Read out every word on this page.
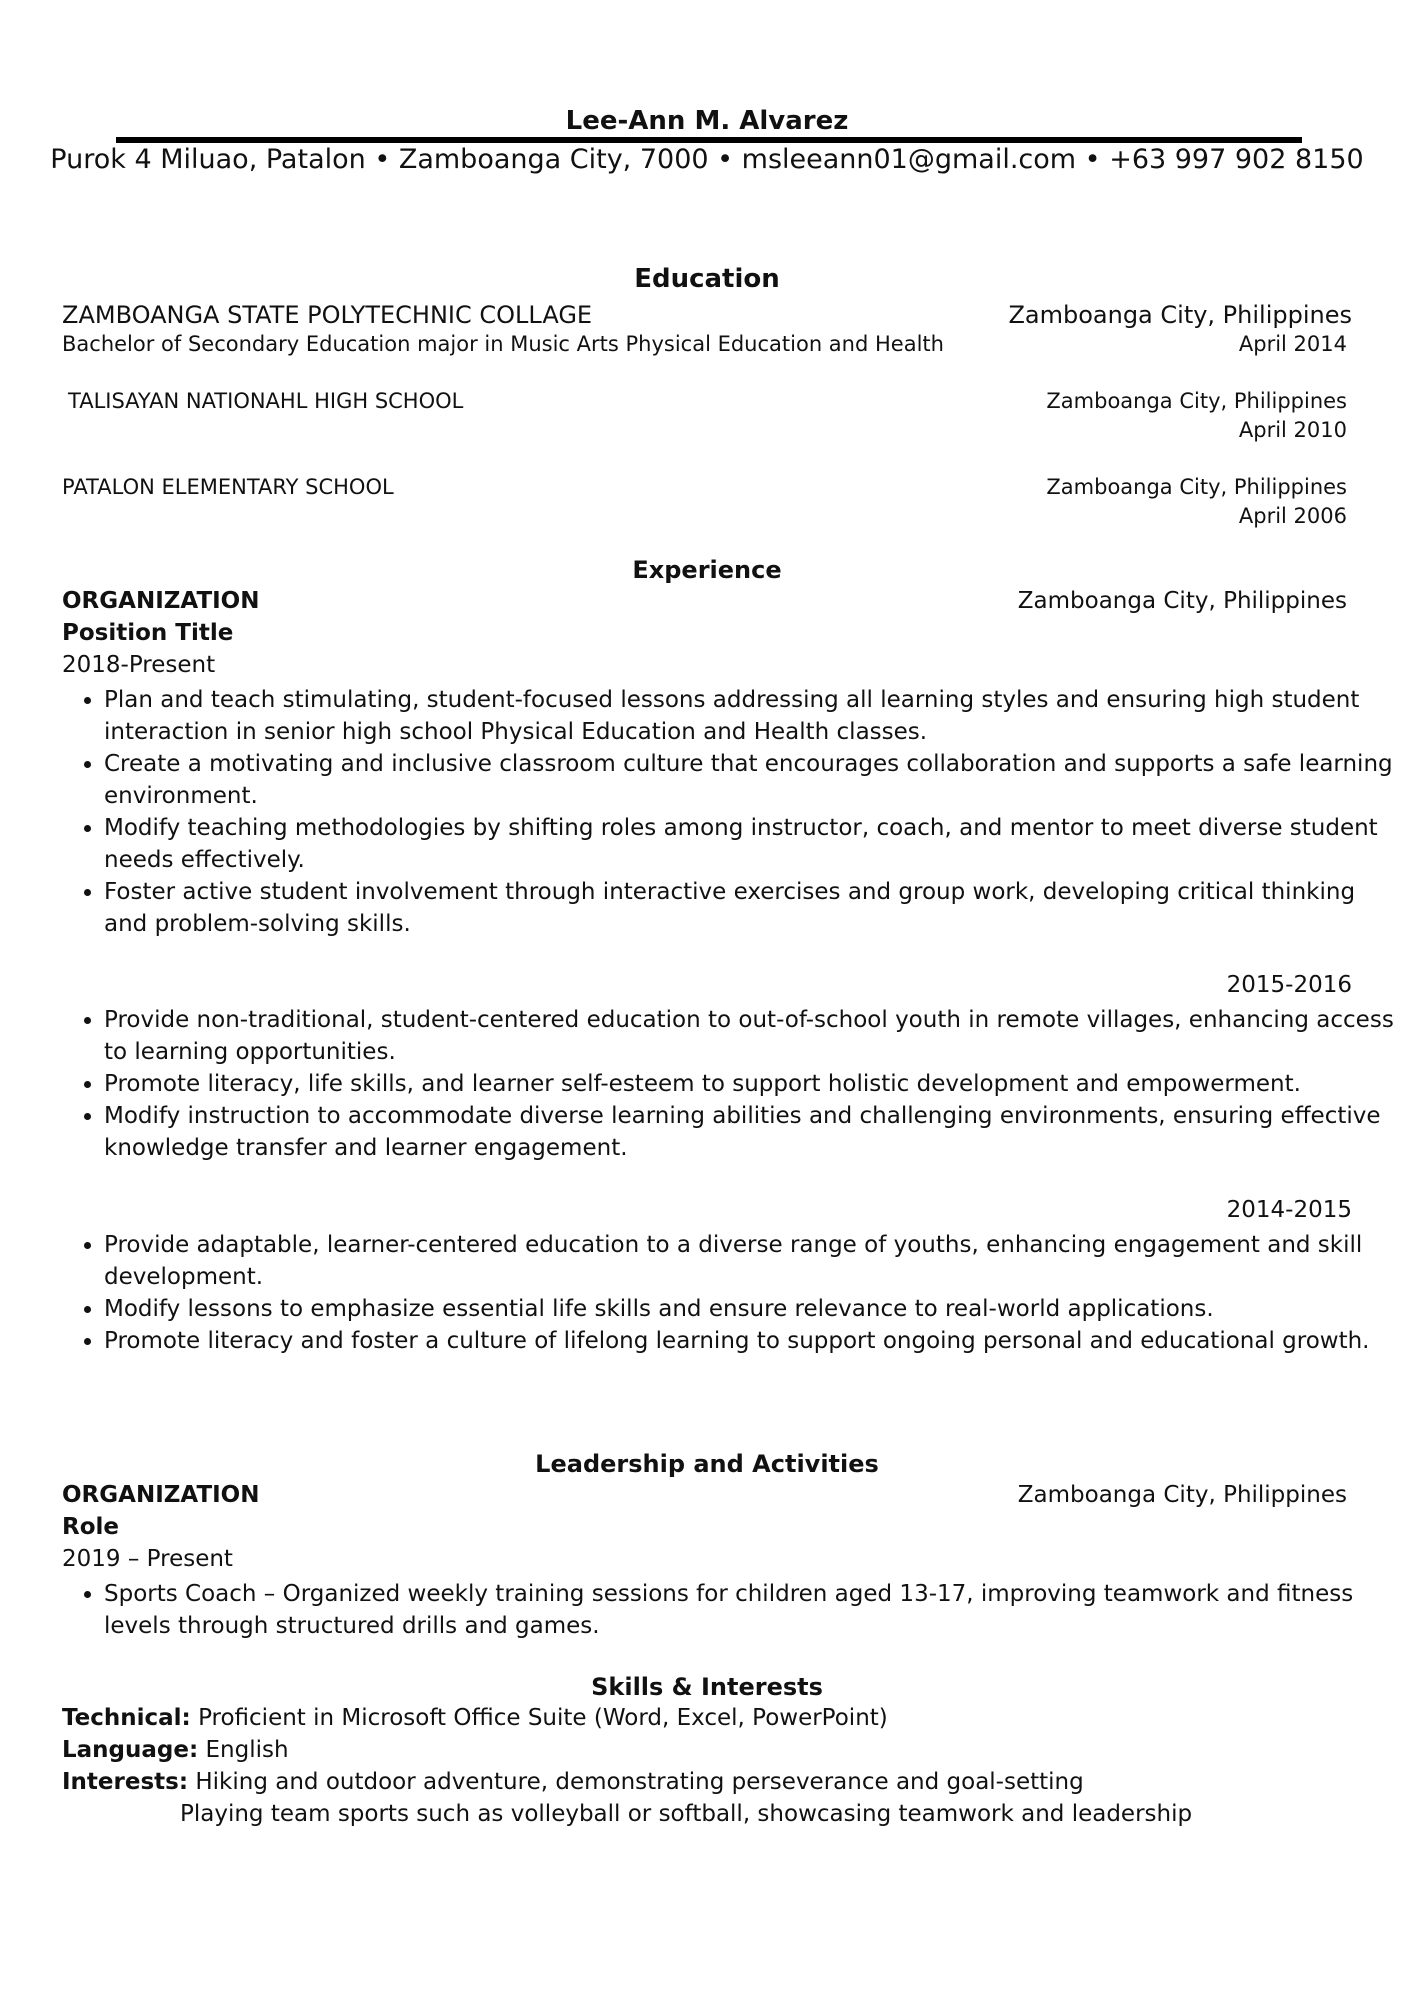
Lee-Ann M. Alvarez
Purok 4 Miluao, Patalon • Zamboanga City, 7000 • msleeann01@gmail.com • +63 997 902 8150
Education
ZAMBOANGA STATE POLYTECHNIC COLLAGE	Zamboanga City, Philippines
Bachelor of Secondary Education major in Music Arts Physical Education and Health	April 2014
TALISAYAN NATIONAHL HIGH SCHOOL	Zamboanga City, Philippines
April 2010
PATALON ELEMENTARY SCHOOL	Zamboanga City, Philippines
April 2006
Experience
ORGANIZATION	Zamboanga City, Philippines
Position Title
2018-Present
• Plan and teach stimulating, student-focused lessons addressing all learning styles and ensuring high student interaction in senior high school Physical Education and Health classes.
• Create a motivating and inclusive classroom culture that encourages collaboration and supports a safe learning environment.
• Modify teaching methodologies by shifting roles among instructor, coach, and mentor to meet diverse student needs effectively.
• Foster active student involvement through interactive exercises and group work, developing critical thinking and problem-solving skills.
2015-2016
• Provide non-traditional, student-centered education to out-of-school youth in remote villages, enhancing access to learning opportunities.
• Promote literacy, life skills, and learner self-esteem to support holistic development and empowerment.
• Modify instruction to accommodate diverse learning abilities and challenging environments, ensuring effective knowledge transfer and learner engagement.
2014-2015
• Provide adaptable, learner-centered education to a diverse range of youths, enhancing engagement and skill development.
• Modify lessons to emphasize essential life skills and ensure relevance to real-world applications.
• Promote literacy and foster a culture of lifelong learning to support ongoing personal and educational growth.
Leadership and Activities
ORGANIZATION	Zamboanga City, Philippines
Role
2019 – Present
• Sports Coach – Organized weekly training sessions for children aged 13-17, improving teamwork and fitness levels through structured drills and games.
Skills & Interests
Technical: Proficient in Microsoft Office Suite (Word, Excel, PowerPoint)
Language: English
Interests: Hiking and outdoor adventure, demonstrating perseverance and goal-setting
Playing team sports such as volleyball or softball, showcasing teamwork and leadership
